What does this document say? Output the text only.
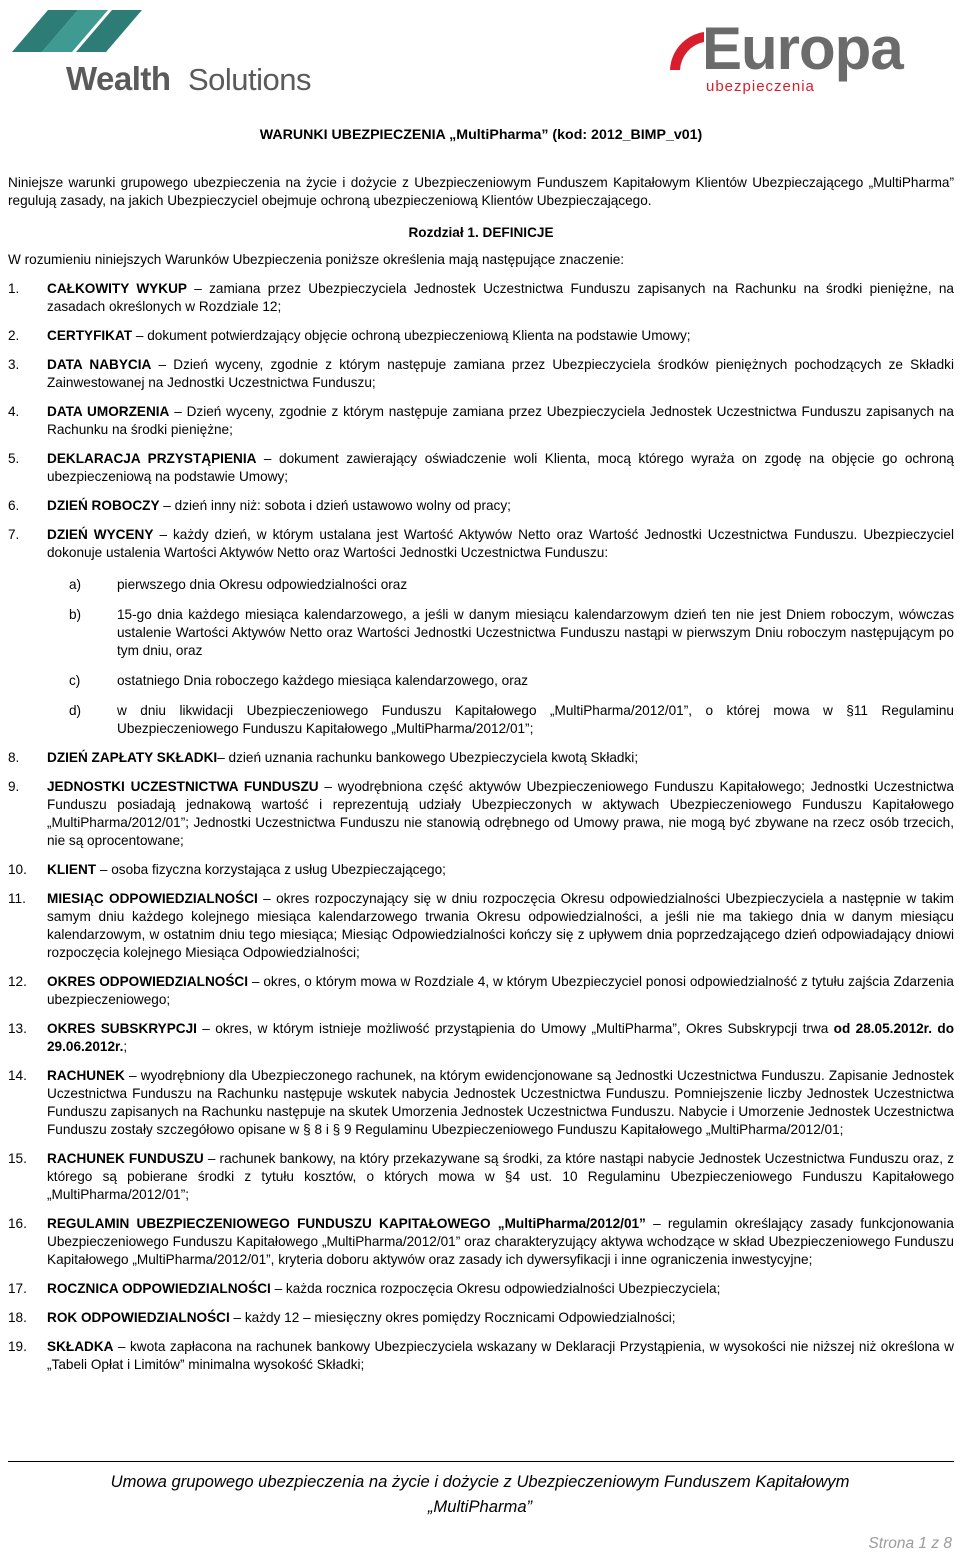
Wealth Solutions	Europa
ubezpieczenia

WARUNKI UBEZPIECZENIA „MultiPharma” (kod: 2012_BIMP_v01)

Niniejsze warunki grupowego ubezpieczenia na życie i dożycie z Ubezpieczeniowym Funduszem Kapitałowym Klientów Ubezpieczającego „MultiPharma” regulują zasady, na jakich Ubezpieczyciel obejmuje ochroną ubezpieczeniową Klientów Ubezpieczającego.

Rozdział 1. DEFINICJE

W rozumieniu niniejszych Warunków Ubezpieczenia poniższe określenia mają następujące znaczenie:

1.	CAŁKOWITY WYKUP – zamiana przez Ubezpieczyciela Jednostek Uczestnictwa Funduszu zapisanych na Rachunku na środki pieniężne, na zasadach określonych w Rozdziale 12;
2.	CERTYFIKAT – dokument potwierdzający objęcie ochroną ubezpieczeniową Klienta na podstawie Umowy;
3.	DATA NABYCIA – Dzień wyceny, zgodnie z którym następuje zamiana przez Ubezpieczyciela środków pieniężnych pochodzących ze Składki Zainwestowanej na Jednostki Uczestnictwa Funduszu;
4.	DATA UMORZENIA – Dzień wyceny, zgodnie z którym następuje zamiana przez Ubezpieczyciela Jednostek Uczestnictwa Funduszu zapisanych na Rachunku na środki pieniężne;
5.	DEKLARACJA PRZYSTĄPIENIA – dokument zawierający oświadczenie woli Klienta, mocą którego wyraża on zgodę na objęcie go ochroną ubezpieczeniową na podstawie Umowy;
6.	DZIEŃ ROBOCZY – dzień inny niż: sobota i dzień ustawowo wolny od pracy;
7.	DZIEŃ WYCENY – każdy dzień, w którym ustalana jest Wartość Aktywów Netto oraz Wartość Jednostki Uczestnictwa Funduszu. Ubezpieczyciel dokonuje ustalenia Wartości Aktywów Netto oraz Wartości Jednostki Uczestnictwa Funduszu:
a)	pierwszego dnia Okresu odpowiedzialności oraz
b)	15-go dnia każdego miesiąca kalendarzowego, a jeśli w danym miesiącu kalendarzowym dzień ten nie jest Dniem roboczym, wówczas ustalenie Wartości Aktywów Netto oraz Wartości Jednostki Uczestnictwa Funduszu nastąpi w pierwszym Dniu roboczym następującym po tym dniu, oraz
c)	ostatniego Dnia roboczego każdego miesiąca kalendarzowego, oraz
d)	w dniu likwidacji Ubezpieczeniowego Funduszu Kapitałowego „MultiPharma/2012/01”, o której mowa w §11 Regulaminu Ubezpieczeniowego Funduszu Kapitałowego „MultiPharma/2012/01”;
8.	DZIEŃ ZAPŁATY SKŁADKI– dzień uznania rachunku bankowego Ubezpieczyciela kwotą Składki;
9.	JEDNOSTKI UCZESTNICTWA FUNDUSZU – wyodrębniona część aktywów Ubezpieczeniowego Funduszu Kapitałowego; Jednostki Uczestnictwa Funduszu posiadają jednakową wartość i reprezentują udziały Ubezpieczonych w aktywach Ubezpieczeniowego Funduszu Kapitałowego „MultiPharma/2012/01”; Jednostki Uczestnictwa Funduszu nie stanowią odrębnego od Umowy prawa, nie mogą być zbywane na rzecz osób trzecich, nie są oprocentowane;
10.	KLIENT – osoba fizyczna korzystająca z usług Ubezpieczającego;
11.	MIESIĄC ODPOWIEDZIALNOŚCI – okres rozpoczynający się w dniu rozpoczęcia Okresu odpowiedzialności Ubezpieczyciela a następnie w takim samym dniu każdego kolejnego miesiąca kalendarzowego trwania Okresu odpowiedzialności, a jeśli nie ma takiego dnia w danym miesiącu kalendarzowym, w ostatnim dniu tego miesiąca; Miesiąc Odpowiedzialności kończy się z upływem dnia poprzedzającego dzień odpowiadający dniowi rozpoczęcia kolejnego Miesiąca Odpowiedzialności;
12.	OKRES ODPOWIEDZIALNOŚCI – okres, o którym mowa w Rozdziale 4, w którym Ubezpieczyciel ponosi odpowiedzialność z tytułu zajścia Zdarzenia ubezpieczeniowego;
13.	OKRES SUBSKRYPCJI – okres, w którym istnieje możliwość przystąpienia do Umowy „MultiPharma”, Okres Subskrypcji trwa od 28.05.2012r. do 29.06.2012r.;
14.	RACHUNEK – wyodrębniony dla Ubezpieczonego rachunek, na którym ewidencjonowane są Jednostki Uczestnictwa Funduszu. Zapisanie Jednostek Uczestnictwa Funduszu na Rachunku następuje wskutek nabycia Jednostek Uczestnictwa Funduszu. Pomniejszenie liczby Jednostek Uczestnictwa Funduszu zapisanych na Rachunku następuje na skutek Umorzenia Jednostek Uczestnictwa Funduszu. Nabycie i Umorzenie Jednostek Uczestnictwa Funduszu zostały szczegółowo opisane w § 8 i § 9 Regulaminu Ubezpieczeniowego Funduszu Kapitałowego „MultiPharma/2012/01;
15.	RACHUNEK FUNDUSZU – rachunek bankowy, na który przekazywane są środki, za które nastąpi nabycie Jednostek Uczestnictwa Funduszu oraz, z którego są pobierane środki z tytułu kosztów, o których mowa w §4 ust. 10 Regulaminu Ubezpieczeniowego Funduszu Kapitałowego „MultiPharma/2012/01”;
16.	REGULAMIN UBEZPIECZENIOWEGO FUNDUSZU KAPITAŁOWEGO „MultiPharma/2012/01” – regulamin określający zasady funkcjonowania Ubezpieczeniowego Funduszu Kapitałowego „MultiPharma/2012/01” oraz charakteryzujący aktywa wchodzące w skład Ubezpieczeniowego Funduszu Kapitałowego „MultiPharma/2012/01”, kryteria doboru aktywów oraz zasady ich dywersyfikacji i inne ograniczenia inwestycyjne;
17.	ROCZNICA ODPOWIEDZIALNOŚCI – każda rocznica rozpoczęcia Okresu odpowiedzialności Ubezpieczyciela;
18.	ROK ODPOWIEDZIALNOŚCI – każdy 12 – miesięczny okres pomiędzy Rocznicami Odpowiedzialności;
19.	SKŁADKA – kwota zapłacona na rachunek bankowy Ubezpieczyciela wskazany w Deklaracji Przystąpienia, w wysokości nie niższej niż określona w „Tabeli Opłat i Limitów” minimalna wysokość Składki;
Umowa grupowego ubezpieczenia na życie i dożycie z Ubezpieczeniowym Funduszem Kapitałowym
„MultiPharma”
Strona 1 z 8
